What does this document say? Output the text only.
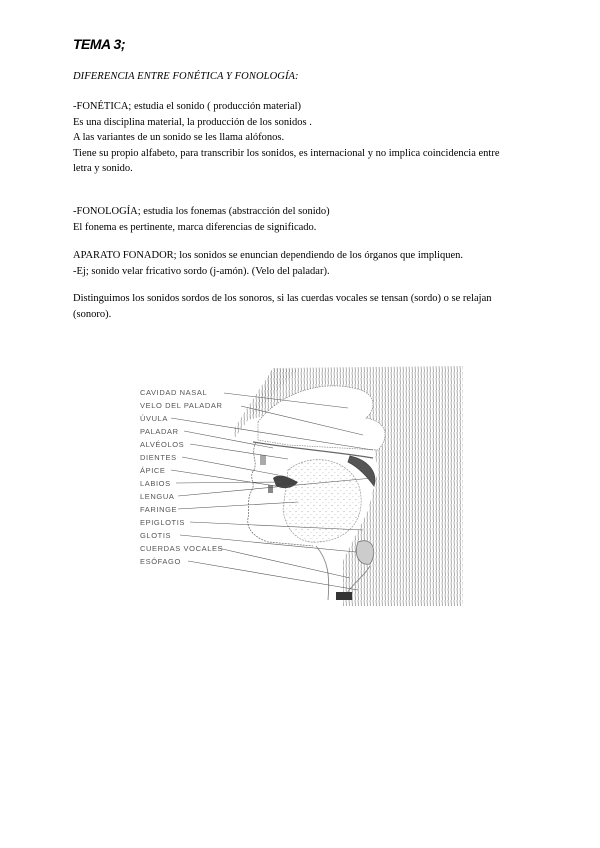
TEMA 3;
DIFERENCIA ENTRE FONÉTICA Y FONOLOGÍA:
-FONÉTICA; estudia el sonido ( producción material)
Es una disciplina material, la producción de los sonidos .
A las variantes de un sonido se les llama alófonos.
Tiene su propio alfabeto, para transcribir los sonidos, es internacional y no implica coincidencia entre
letra y sonido.
-FONOLOGÍA; estudia los fonemas (abstracción del sonido)
El fonema es pertinente, marca diferencias de significado.
APARATO FONADOR; los sonidos se enuncian dependiendo de los órganos que impliquen.
-Ej; sonido velar fricativo sordo (j-amón). (Velo del paladar).
Distinguimos los sonidos sordos de los sonoros, si las cuerdas vocales se tensan (sordo) o se relajan
(sonoro).
CAVIDAD NASAL
VELO DEL PALADAR
ÚVULA
PALADAR
ALVÉOLOS
DIENTES
ÁPICE
LABIOS
LENGUA
FARINGE
EPIGLOTIS
GLOTIS
CUERDAS VOCALES
ESÓFAGO
